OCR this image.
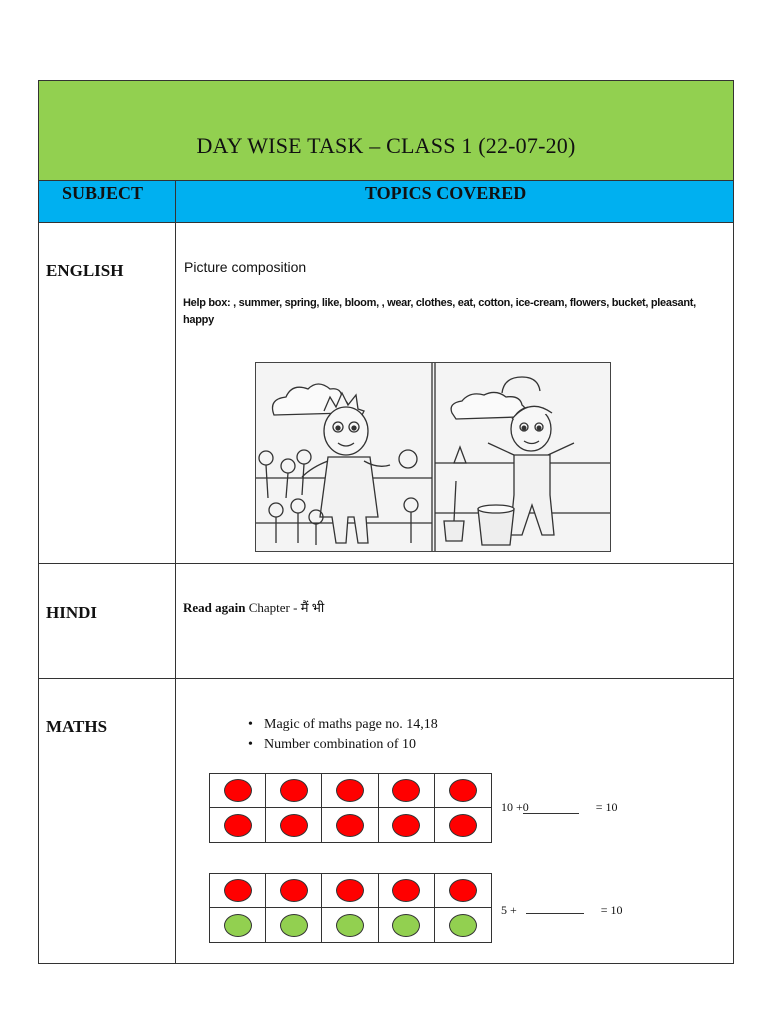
DAY WISE TASK – CLASS 1 (22-07-20)
SUBJECT	TOPICS COVERED
ENGLISH	Picture composition
Help box: , summer, spring, like, bloom, , wear, clothes, eat, cotton, ice-cream, flowers, bucket, pleasant, happy
HINDI	Read again Chapter - मैं भी
MATHS
•	Magic of maths page no. 14,18
• Number combination of 10
10 +0	= 10
5 +	= 10
